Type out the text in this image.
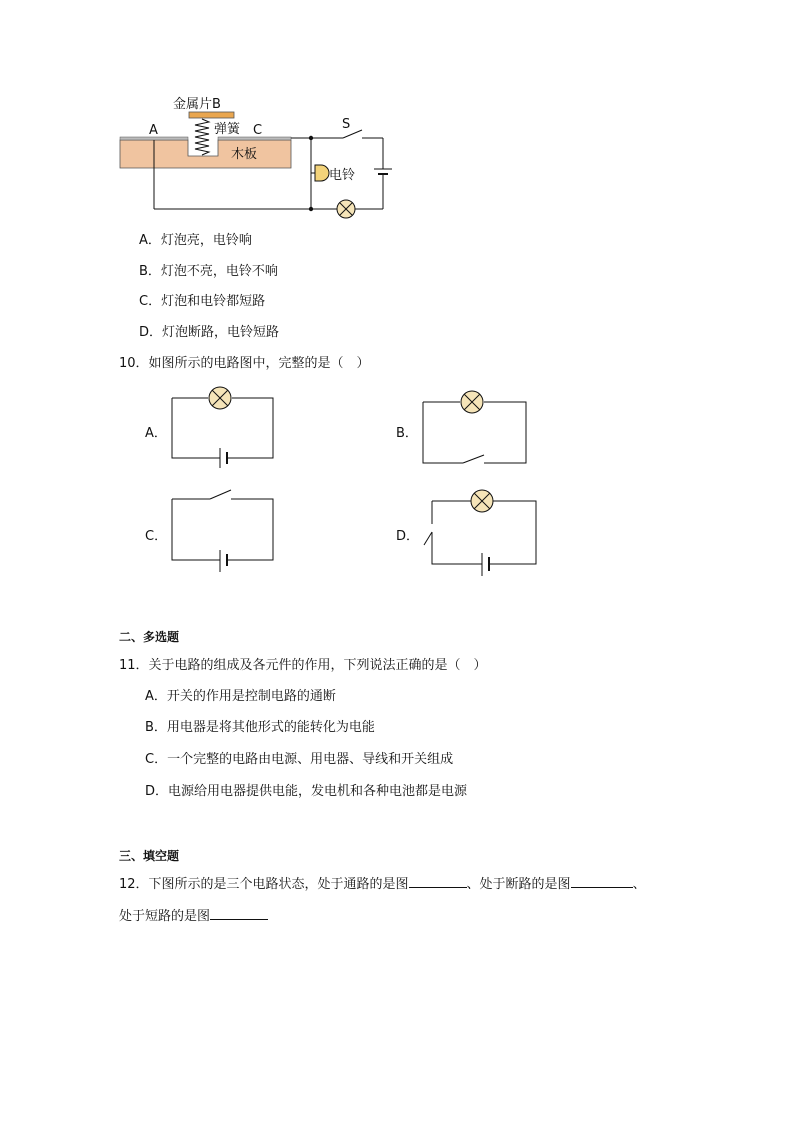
金属片B
弹簧
木板
A	C	S
电铃
A．灯泡亮，电铃响
B．灯泡不亮，电铃不响
C．灯泡和电铃都短路
D．灯泡断路，电铃短路
10．如图所示的电路图中，完整的是（　）
A．	B．
C．	D．
二、多选题
11．关于电路的组成及各元件的作用，下列说法正确的是（　）
A．开关的作用是控制电路的通断
B．用电器是将其他形式的能转化为电能
C．一个完整的电路由电源、用电器、导线和开关组成
D．电源给用电器提供电能，发电机和各种电池都是电源
三、填空题
12．下图所示的是三个电路状态，处于通路的是图	、处于断路的是图	、
处于短路的是图
